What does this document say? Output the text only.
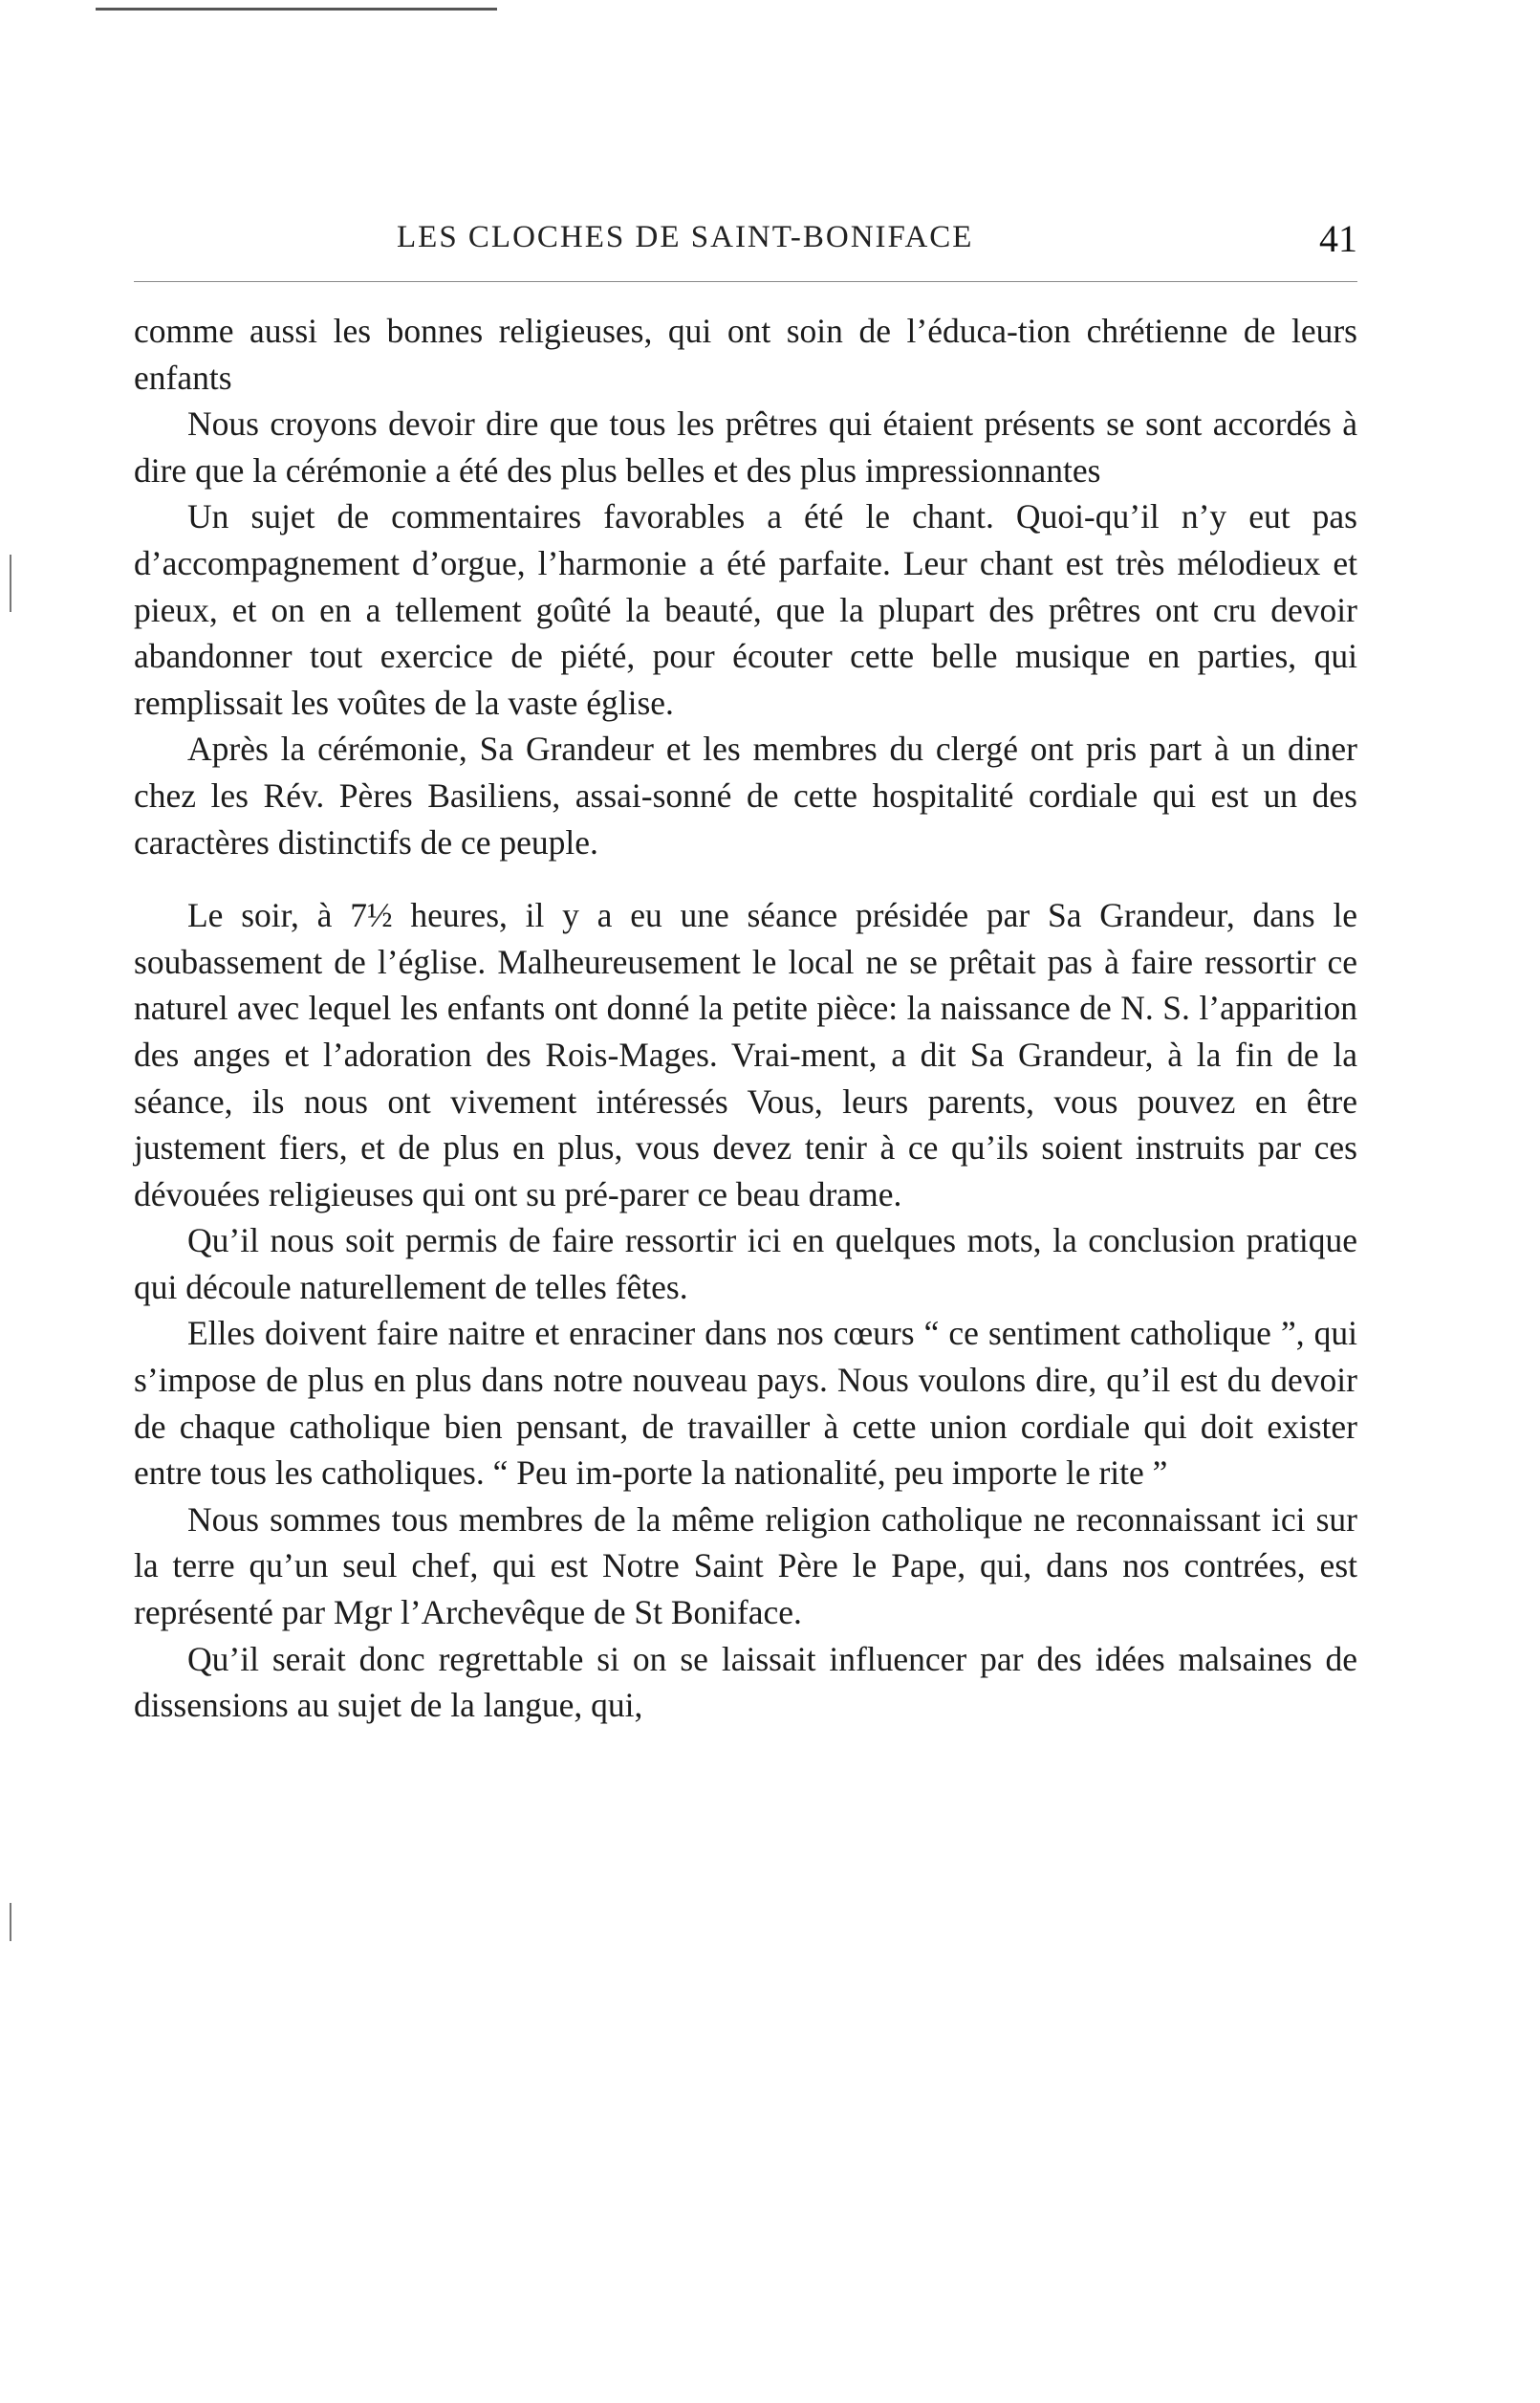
LES CLOCHES DE SAINT-BONIFACE	41

comme aussi les bonnes religieuses, qui ont soin de l’éduca-tion chrétienne de leurs enfants

Nous croyons devoir dire que tous les prêtres qui étaient présents se sont accordés à dire que la cérémonie a été des plus belles et des plus impressionnantes

Un sujet de commentaires favorables a été le chant. Quoi-qu’il n’y eut pas d’accompagnement d’orgue, l’harmonie a été parfaite. Leur chant est très mélodieux et pieux, et on en a tellement goûté la beauté, que la plupart des prêtres ont cru devoir abandonner tout exercice de piété, pour écouter cette belle musique en parties, qui remplissait les voûtes de la vaste église.

Après la cérémonie, Sa Grandeur et les membres du clergé ont pris part à un diner chez les Rév. Pères Basiliens, assai-sonné de cette hospitalité cordiale qui est un des caractères distinctifs de ce peuple.

Le soir, à 7½ heures, il y a eu une séance présidée par Sa Grandeur, dans le soubassement de l’église. Malheureusement le local ne se prêtait pas à faire ressortir ce naturel avec lequel les enfants ont donné la petite pièce: la naissance de N. S. l’apparition des anges et l’adoration des Rois-Mages. Vrai-ment, a dit Sa Grandeur, à la fin de la séance, ils nous ont vivement intéressés Vous, leurs parents, vous pouvez en être justement fiers, et de plus en plus, vous devez tenir à ce qu’ils soient instruits par ces dévouées religieuses qui ont su pré-parer ce beau drame.

Qu’il nous soit permis de faire ressortir ici en quelques mots, la conclusion pratique qui découle naturellement de telles fêtes.

Elles doivent faire naitre et enraciner dans nos cœurs “ ce sentiment catholique ”, qui s’impose de plus en plus dans notre nouveau pays. Nous voulons dire, qu’il est du devoir de chaque catholique bien pensant, de travailler à cette union cordiale qui doit exister entre tous les catholiques. “ Peu im-porte la nationalité, peu importe le rite ”

Nous sommes tous membres de la même religion catholique ne reconnaissant ici sur la terre qu’un seul chef, qui est Notre Saint Père le Pape, qui, dans nos contrées, est représenté par Mgr l’Archevêque de St Boniface.

Qu’il serait donc regrettable si on se laissait influencer par des idées malsaines de dissensions au sujet de la langue, qui,
